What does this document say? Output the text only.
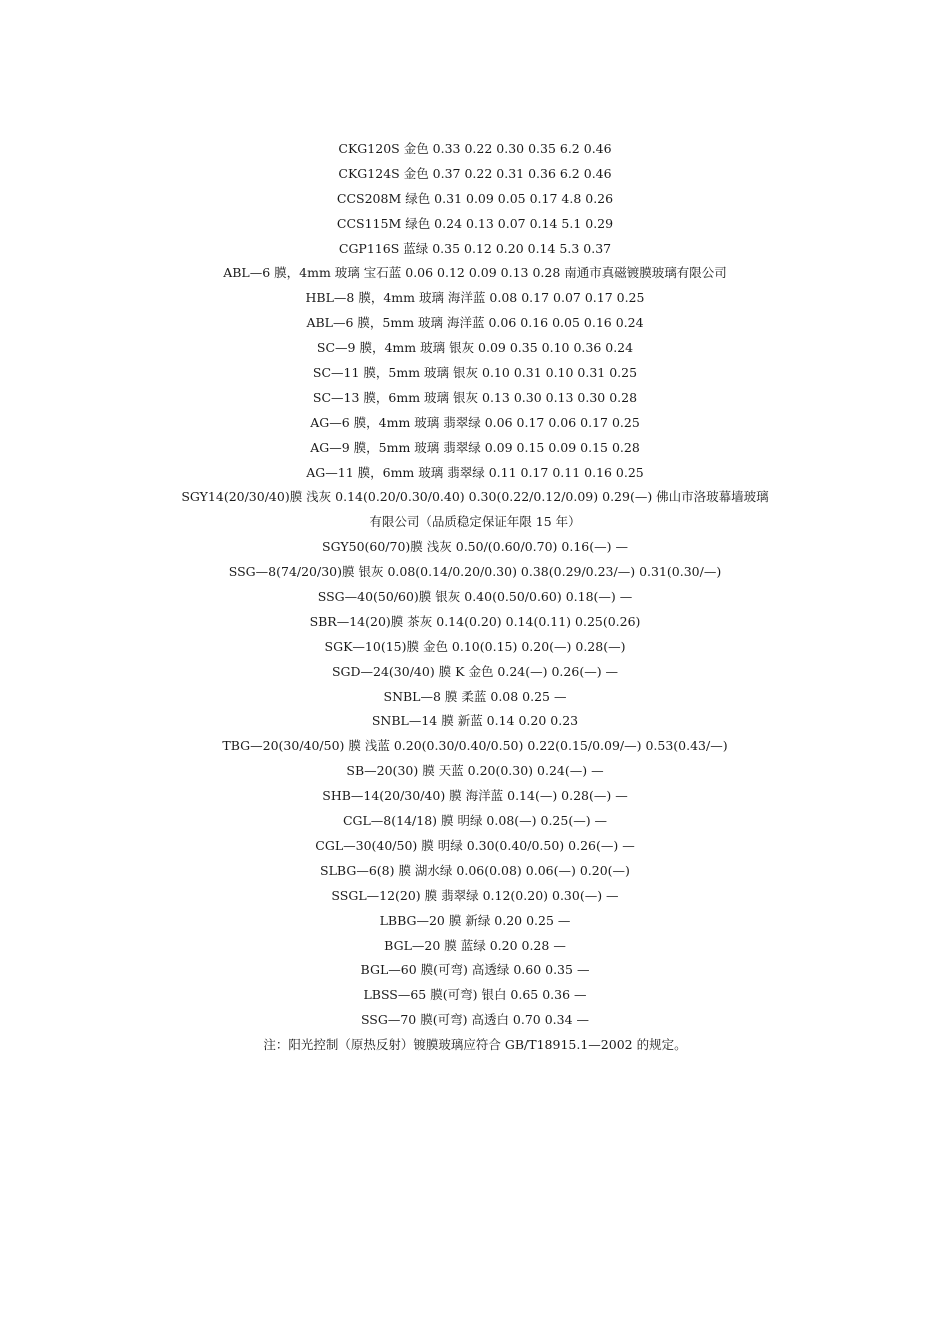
CKG120S 金色 0.33 0.22 0.30 0.35 6.2 0.46
CKG124S 金色 0.37 0.22 0.31 0.36 6.2 0.46
CCS208M 绿色 0.31 0.09 0.05 0.17 4.8 0.26
CCS115M 绿色 0.24 0.13 0.07 0.14 5.1 0.29
CGP116S 蓝绿 0.35 0.12 0.20 0.14 5.3 0.37
ABL—6 膜，4mm 玻璃 宝石蓝 0.06 0.12 0.09 0.13 0.28 南通市真磁镀膜玻璃有限公司
HBL—8 膜，4mm 玻璃 海洋蓝 0.08 0.17 0.07 0.17 0.25
ABL—6 膜，5mm 玻璃 海洋蓝 0.06 0.16 0.05 0.16 0.24
SC—9 膜，4mm 玻璃 银灰 0.09 0.35 0.10 0.36 0.24
SC—11 膜，5mm 玻璃 银灰 0.10 0.31 0.10 0.31 0.25
SC—13 膜，6mm 玻璃 银灰 0.13 0.30 0.13 0.30 0.28
AG—6 膜，4mm 玻璃 翡翠绿 0.06 0.17 0.06 0.17 0.25
AG—9 膜，5mm 玻璃 翡翠绿 0.09 0.15 0.09 0.15 0.28
AG—11 膜，6mm 玻璃 翡翠绿 0.11 0.17 0.11 0.16 0.25
SGY14(20/30/40)膜 浅灰 0.14(0.20/0.30/0.40) 0.30(0.22/0.12/0.09) 0.29(—) 佛山市洛玻幕墙玻璃
有限公司（品质稳定保证年限 15 年）
SGY50(60/70)膜 浅灰 0.50/(0.60/0.70) 0.16(—) —
SSG—8(74/20/30)膜 银灰 0.08(0.14/0.20/0.30) 0.38(0.29/0.23/—) 0.31(0.30/—)
SSG—40(50/60)膜 银灰 0.40(0.50/0.60) 0.18(—) —
SBR—14(20)膜 茶灰 0.14(0.20) 0.14(0.11) 0.25(0.26)
SGK—10(15)膜 金色 0.10(0.15) 0.20(—) 0.28(—)
SGD—24(30/40) 膜 K 金色 0.24(—) 0.26(—) —
SNBL—8 膜 柔蓝 0.08 0.25 —
SNBL—14 膜 新蓝 0.14 0.20 0.23
TBG—20(30/40/50) 膜 浅蓝 0.20(0.30/0.40/0.50) 0.22(0.15/0.09/—) 0.53(0.43/—)
SB—20(30) 膜 天蓝 0.20(0.30) 0.24(—) —
SHB—14(20/30/40) 膜 海洋蓝 0.14(—) 0.28(—) —
CGL—8(14/18) 膜 明绿 0.08(—) 0.25(—) —
CGL—30(40/50) 膜 明绿 0.30(0.40/0.50) 0.26(—) —
SLBG—6(8) 膜 湖水绿 0.06(0.08) 0.06(—) 0.20(—)
SSGL—12(20) 膜 翡翠绿 0.12(0.20) 0.30(—) —
LBBG—20 膜 新绿 0.20 0.25 —
BGL—20 膜 蓝绿 0.20 0.28 —
BGL—60 膜(可弯) 高透绿 0.60 0.35 —
LBSS—65 膜(可弯) 银白 0.65 0.36 —
SSG—70 膜(可弯) 高透白 0.70 0.34 —
注：阳光控制（原热反射）镀膜玻璃应符合 GB/T18915.1—2002 的规定。
